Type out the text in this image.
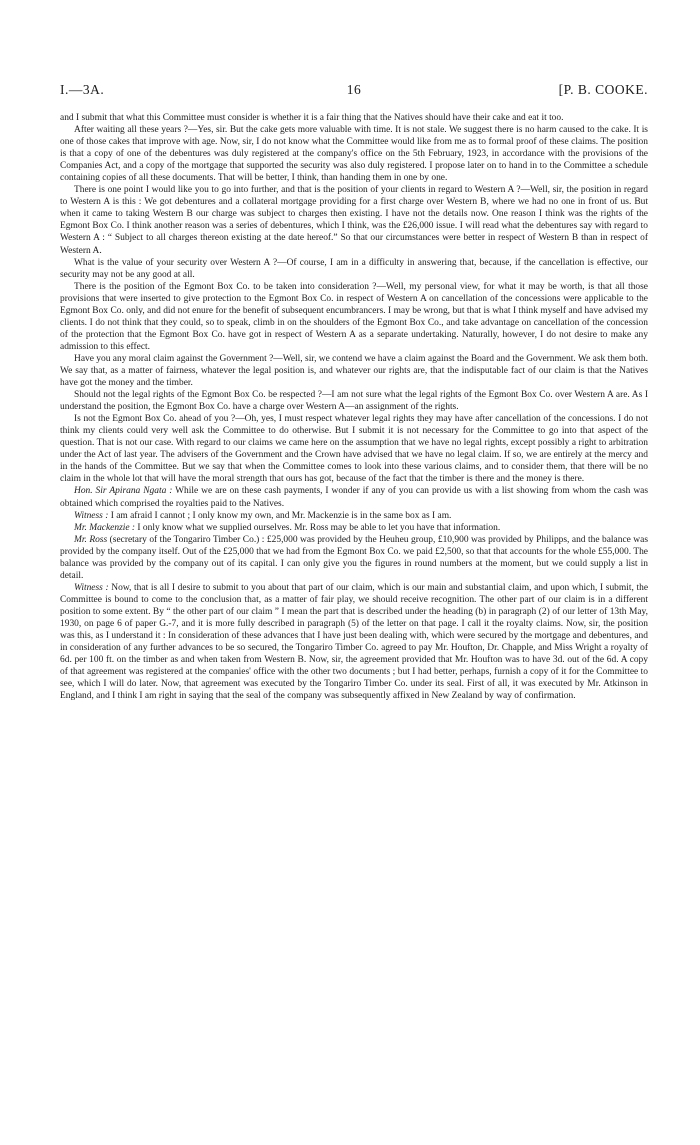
I.—3A.	16	[P. B. COOKE.

and I submit that what this Committee must consider is whether it is a fair thing that the Natives should have their cake and eat it too.

After waiting all these years ?—Yes, sir. But the cake gets more valuable with time. It is not stale. We suggest there is no harm caused to the cake. It is one of those cakes that improve with age. Now, sir, I do not know what the Committee would like from me as to formal proof of these claims. The position is that a copy of one of the debentures was duly registered at the company's office on the 5th February, 1923, in accordance with the provisions of the Companies Act, and a copy of the mortgage that supported the security was also duly registered. I propose later on to hand in to the Committee a schedule containing copies of all these documents. That will be better, I think, than handing them in one by one.

There is one point I would like you to go into further, and that is the position of your clients in regard to Western A ?—Well, sir, the position in regard to Western A is this : We got debentures and a collateral mortgage providing for a first charge over Western B, where we had no one in front of us. But when it came to taking Western B our charge was subject to charges then existing. I have not the details now. One reason I think was the rights of the Egmont Box Co. I think another reason was a series of debentures, which I think, was the £26,000 issue. I will read what the debentures say with regard to Western A : “ Subject to all charges thereon existing at the date hereof.” So that our circumstances were better in respect of Western B than in respect of Western A.

What is the value of your security over Western A ?—Of course, I am in a difficulty in answering that, because, if the cancellation is effective, our security may not be any good at all.

There is the position of the Egmont Box Co. to be taken into consideration ?—Well, my personal view, for what it may be worth, is that all those provisions that were inserted to give protection to the Egmont Box Co. in respect of Western A on cancellation of the concessions were applicable to the Egmont Box Co. only, and did not enure for the benefit of subsequent encumbrancers. I may be wrong, but that is what I think myself and have advised my clients. I do not think that they could, so to speak, climb in on the shoulders of the Egmont Box Co., and take advantage on cancellation of the concession of the protection that the Egmont Box Co. have got in respect of Western A as a separate undertaking. Naturally, however, I do not desire to make any admission to this effect.

Have you any moral claim against the Government ?—Well, sir, we contend we have a claim against the Board and the Government. We ask them both. We say that, as a matter of fairness, whatever the legal position is, and whatever our rights are, that the indisputable fact of our claim is that the Natives have got the money and the timber.

Should not the legal rights of the Egmont Box Co. be respected ?—I am not sure what the legal rights of the Egmont Box Co. over Western A are. As I understand the position, the Egmont Box Co. have a charge over Western A—an assignment of the rights.

Is not the Egmont Box Co. ahead of you ?—Oh, yes, I must respect whatever legal rights they may have after cancellation of the concessions. I do not think my clients could very well ask the Committee to do otherwise. But I submit it is not necessary for the Committee to go into that aspect of the question. That is not our case. With regard to our claims we came here on the assumption that we have no legal rights, except possibly a right to arbitration under the Act of last year. The advisers of the Government and the Crown have advised that we have no legal claim. If so, we are entirely at the mercy and in the hands of the Committee. But we say that when the Committee comes to look into these various claims, and to consider them, that there will be no claim in the whole lot that will have the moral strength that ours has got, because of the fact that the timber is there and the money is there.

Hon. Sir Apirana Ngata : While we are on these cash payments, I wonder if any of you can provide us with a list showing from whom the cash was obtained which comprised the royalties paid to the Natives.

Witness : I am afraid I cannot ; I only know my own, and Mr. Mackenzie is in the same box as I am.

Mr. Mackenzie : I only know what we supplied ourselves. Mr. Ross may be able to let you have that information.

Mr. Ross (secretary of the Tongariro Timber Co.) : £25,000 was provided by the Heuheu group, £10,900 was provided by Philipps, and the balance was provided by the company itself. Out of the £25,000 that we had from the Egmont Box Co. we paid £2,500, so that that accounts for the whole £55,000. The balance was provided by the company out of its capital. I can only give you the figures in round numbers at the moment, but we could supply a list in detail.

Witness : Now, that is all I desire to submit to you about that part of our claim, which is our main and substantial claim, and upon which, I submit, the Committee is bound to come to the conclusion that, as a matter of fair play, we should receive recognition. The other part of our claim is in a different position to some extent. By “ the other part of our claim ” I mean the part that is described under the heading (b) in paragraph (2) of our letter of 13th May, 1930, on page 6 of paper G.-7, and it is more fully described in paragraph (5) of the letter on that page. I call it the royalty claims. Now, sir, the position was this, as I understand it : In consideration of these advances that I have just been dealing with, which were secured by the mortgage and debentures, and in consideration of any further advances to be so secured, the Tongariro Timber Co. agreed to pay Mr. Houfton, Dr. Chapple, and Miss Wright a royalty of 6d. per 100 ft. on the timber as and when taken from Western B. Now, sir, the agreement provided that Mr. Houfton was to have 3d. out of the 6d. A copy of that agreement was registered at the companies' office with the other two documents ; but I had better, perhaps, furnish a copy of it for the Committee to see, which I will do later. Now, that agreement was executed by the Tongariro Timber Co. under its seal. First of all, it was executed by Mr. Atkinson in England, and I think I am right in saying that the seal of the company was subsequently affixed in New Zealand by way of confirmation.
